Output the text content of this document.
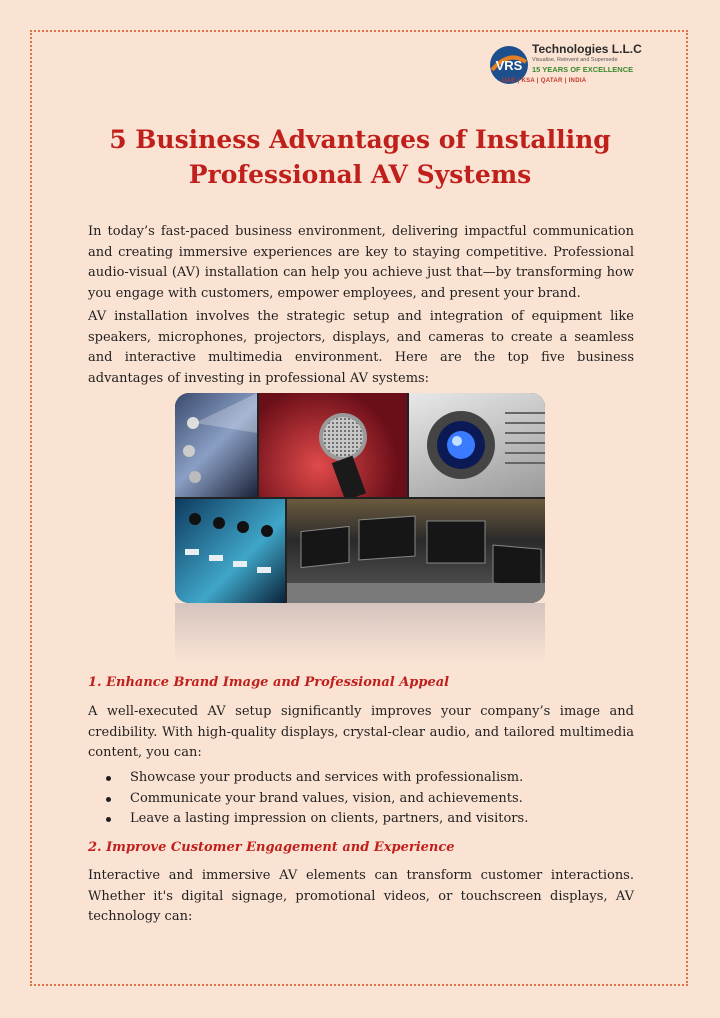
VRS
Technologies L.L.C
Visualise, Reinvent and Supersede
15 YEARS OF EXCELLENCE
UAE | KSA | QATAR | INDIA
5 Business Advantages of Installing Professional AV Systems

In today’s fast-paced business environment, delivering impactful communication and creating immersive experiences are key to staying competitive. Professional audio-visual (AV) installation can help you achieve just that—by transforming how you engage with customers, empower employees, and present your brand.

AV installation involves the strategic setup and integration of equipment like speakers, microphones, projectors, displays, and cameras to create a seamless and interactive multimedia environment. Here are the top five business advantages of investing in professional AV systems:

1. Enhance Brand Image and Professional Appeal

A well-executed AV setup significantly improves your company’s image and credibility. With high-quality displays, crystal-clear audio, and tailored multimedia content, you can:

Showcase your products and services with professionalism.
Communicate your brand values, vision, and achievements.
Leave a lasting impression on clients, partners, and visitors.

2. Improve Customer Engagement and Experience

Interactive and immersive AV elements can transform customer interactions. Whether it's digital signage, promotional videos, or touchscreen displays, AV technology can:
